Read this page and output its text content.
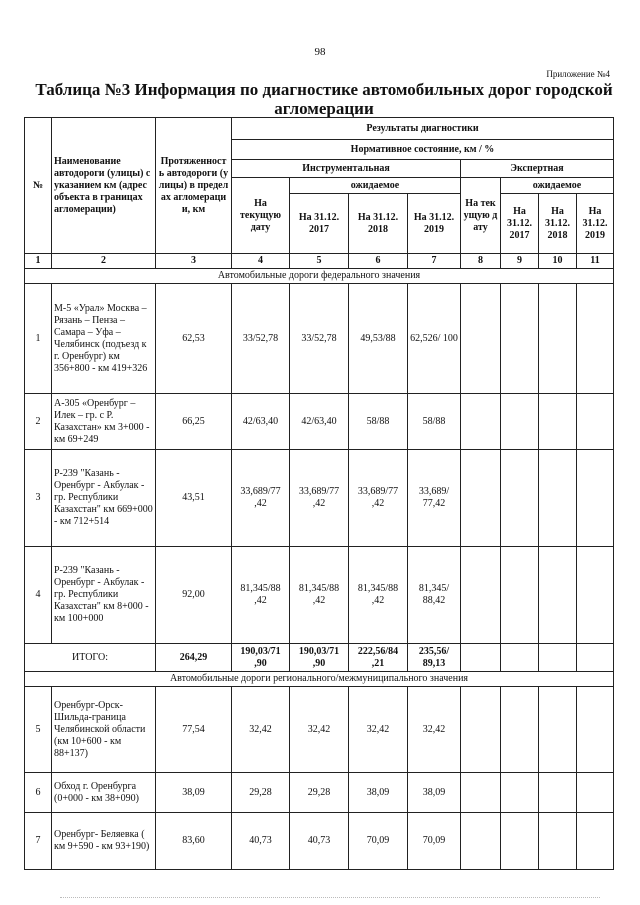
98
Приложение №4
Таблица №3 Информация по диагностике автомобильных дорог городской агломерации
№	Наименование автодороги (улицы) с указанием км (адрес объекта в границах агломерации)	Протяженность автодороги (улицы) в пределах агломерации, км	Результаты диагностики							
			Нормативное состояние, км / %							
			Инструментальная				Экспертная			
			На текущую дату	ожидаемое			На текущую дату	ожидаемое		
				На 31.12. 2017	На 31.12. 2018	На 31.12. 2019		На 31.12. 2017	На 31.12. 2018	На 31.12. 2019
1	2	3	4	5	6	7	8	9	10	11
Автомобильные дороги федерального значения										
1	М-5 «Урал» Москва – Рязань – Пенза – Самара – Уфа – Челябинск (подъезд к г. Оренбург) км 356+800 - км 419+326	62,53	33/52,78	33/52,78	49,53/88	62,526/ 100				
2	А-305 «Оренбург – Илек – гр. с Р. Казахстан» км 3+000 - км 69+249	66,25	42/63,40	42/63,40	58/88	58/88				
3	Р-239 "Казань - Оренбург - Акбулак - гр. Республики Казахстан" км 669+000 - км 712+514	43,51	33,689/77 ,42	33,689/77 ,42	33,689/77 ,42	33,689/ 77,42				
4	Р-239 "Казань - Оренбург - Акбулак - гр. Республики Казахстан" км 8+000 - км 100+000	92,00	81,345/88 ,42	81,345/88 ,42	81,345/88 ,42	81,345/ 88,42				
ИТОГО:		264,29	190,03/71 ,90	190,03/71 ,90	222,56/84 ,21	235,56/ 89,13				
Автомобильные дороги регионального/межмуниципального значения										
5	Оренбург-Орск-Шильда-граница Челябинской области (км 10+600 - км 88+137)	77,54	32,42	32,42	32,42	32,42				
6	Обход г. Оренбурга (0+000 - км 38+090)	38,09	29,28	29,28	38,09	38,09				
7	Оренбург- Беляевка ( км 9+590 - км 93+190)	83,60	40,73	40,73	70,09	70,09				
